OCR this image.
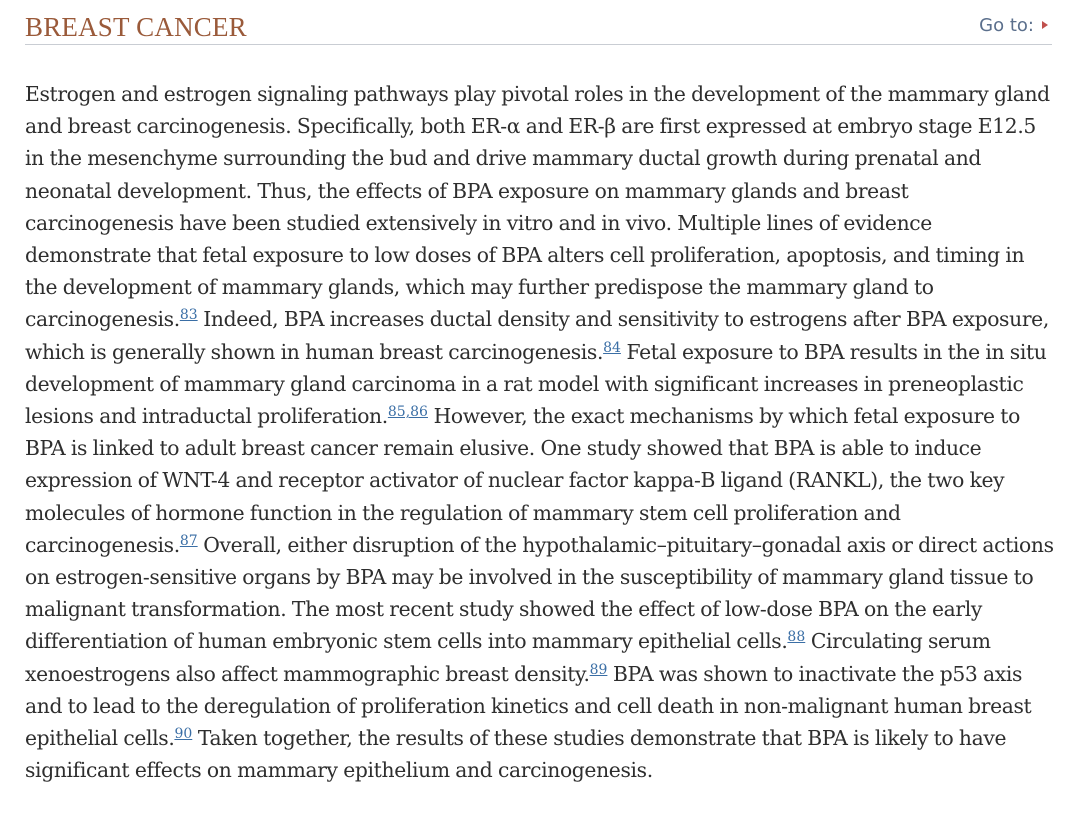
BREAST CANCER	Go to:

Estrogen and estrogen signaling pathways play pivotal roles in the development of the mammary gland and breast carcinogenesis. Specifically, both ER-α and ER-β are first expressed at embryo stage E12.5 in the mesenchyme surrounding the bud and drive mammary ductal growth during prenatal and neonatal development. Thus, the effects of BPA exposure on mammary glands and breast carcinogenesis have been studied extensively in vitro and in vivo. Multiple lines of evidence demonstrate that fetal exposure to low doses of BPA alters cell proliferation, apoptosis, and timing in the development of mammary glands, which may further predispose the mammary gland to carcinogenesis.$^{83}$ Indeed, BPA increases ductal density and sensitivity to estrogens after BPA exposure, which is generally shown in human breast carcinogenesis.$^{84}$ Fetal exposure to BPA results in the in situ development of mammary gland carcinoma in a rat model with significant increases in preneoplastic lesions and intraductal proliferation.$^{85,86}$ However, the exact mechanisms by which fetal exposure to BPA is linked to adult breast cancer remain elusive. One study showed that BPA is able to induce expression of WNT-4 and receptor activator of nuclear factor kappa-B ligand (RANKL), the two key molecules of hormone function in the regulation of mammary stem cell proliferation and carcinogenesis.$^{87}$ Overall, either disruption of the hypothalamic–pituitary–gonadal axis or direct actions on estrogen-sensitive organs by BPA may be involved in the susceptibility of mammary gland tissue to malignant transformation. The most recent study showed the effect of low-dose BPA on the early differentiation of human embryonic stem cells into mammary epithelial cells.$^{88}$ Circulating serum xenoestrogens also affect mammographic breast density.$^{89}$ BPA was shown to inactivate the p53 axis and to lead to the deregulation of proliferation kinetics and cell death in non-malignant human breast epithelial cells.$^{90}$ Taken together, the results of these studies demonstrate that BPA is likely to have significant effects on mammary epithelium and carcinogenesis.
